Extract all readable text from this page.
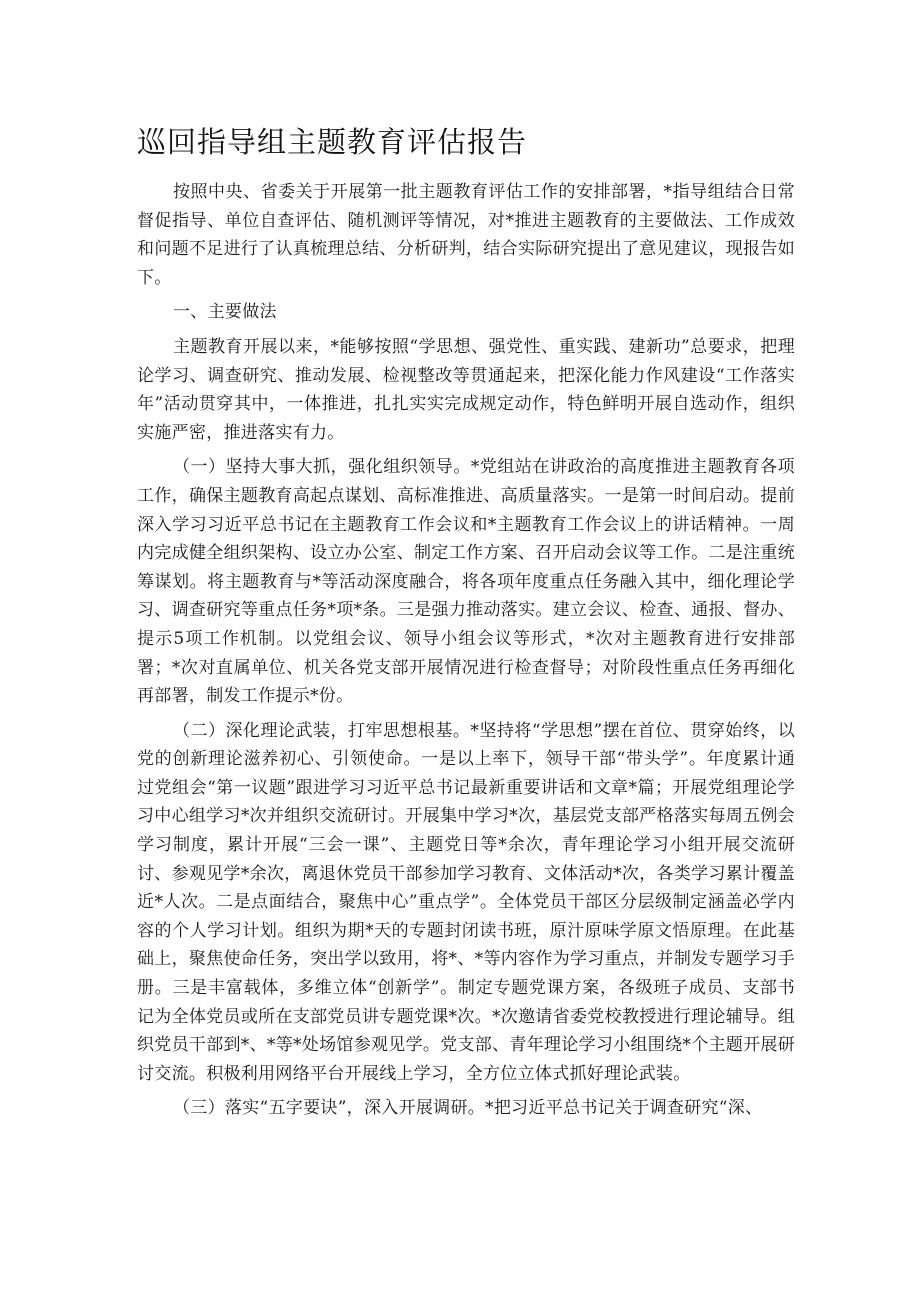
巡回指导组主题教育评估报告

按照中央、省委关于开展第一批主题教育评估工作的安排部署，*指导组结合日常督促指导、单位自查评估、随机测评等情况，对*推进主题教育的主要做法、工作成效和问题不足进行了认真梳理总结、分析研判，结合实际研究提出了意见建议，现报告如下。

一、主要做法

主题教育开展以来，*能够按照“学思想、强党性、重实践、建新功”总要求，把理论学习、调查研究、推动发展、检视整改等贯通起来，把深化能力作风建设“工作落实年”活动贯穿其中，一体推进，扎扎实实完成规定动作，特色鲜明开展自选动作，组织实施严密，推进落实有力。

（一）坚持大事大抓，强化组织领导。*党组站在讲政治的高度推进主题教育各项工作，确保主题教育高起点谋划、高标准推进、高质量落实。一是第一时间启动。提前深入学习习近平总书记在主题教育工作会议和*主题教育工作会议上的讲话精神。一周内完成健全组织架构、设立办公室、制定工作方案、召开启动会议等工作。二是注重统筹谋划。将主题教育与*等活动深度融合，将各项年度重点任务融入其中，细化理论学习、调查研究等重点任务*项*条。三是强力推动落实。建立会议、检查、通报、督办、提示5项工作机制。以党组会议、领导小组会议等形式，*次对主题教育进行安排部署；*次对直属单位、机关各党支部开展情况进行检查督导；对阶段性重点任务再细化再部署，制发工作提示*份。

（二）深化理论武装，打牢思想根基。*坚持将“学思想”摆在首位、贯穿始终，以党的创新理论滋养初心、引领使命。一是以上率下，领导干部“带头学”。年度累计通过党组会“第一议题”跟进学习习近平总书记最新重要讲话和文章*篇；开展党组理论学习中心组学习*次并组织交流研讨。开展集中学习*次，基层党支部严格落实每周五例会学习制度，累计开展“三会一课”、主题党日等*余次，青年理论学习小组开展交流研讨、参观见学*余次，离退休党员干部参加学习教育、文体活动*次，各类学习累计覆盖近*人次。二是点面结合，聚焦中心”重点学”。全体党员干部区分层级制定涵盖必学内容的个人学习计划。组织为期*天的专题封闭读书班，原汁原味学原文悟原理。在此基础上，聚焦使命任务，突出学以致用，将*、*等内容作为学习重点，并制发专题学习手册。三是丰富载体，多维立体“创新学”。制定专题党课方案，各级班子成员、支部书记为全体党员或所在支部党员讲专题党课*次。*次邀请省委党校教授进行理论辅导。组织党员干部到*、*等*处场馆参观见学。党支部、青年理论学习小组围绕*个主题开展研讨交流。积极利用网络平台开展线上学习，全方位立体式抓好理论武装。

（三）落实“五字要诀”，深入开展调研。*把习近平总书记关于调查研究“深、
